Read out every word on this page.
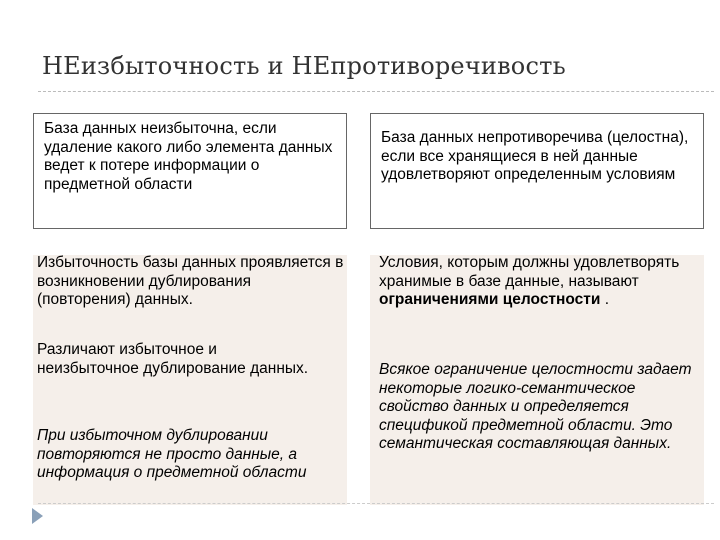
НЕизбыточность и НЕпротиворечивость
База данных неизбыточна, если удаление какого либо элемента данных ведет к потере информации о предметной области
База данных непротиворечива (целостна), если все хранящиеся в ней данные удовлетворяют определенным условиям
Избыточность базы данных проявляется в возникновении дублирования (повторения) данных.
Различают избыточное и неизбыточное дублирование данных.
При избыточном дублировании повторяются не просто данные, а информация о предметной области
Условия, которым должны удовлетворять хранимые в базе данные, называют ограничениями целостности .
Всякое ограничение целостности задает некоторые логико-семантическое свойство данных и определяется спецификой предметной области. Это семантическая составляющая данных.
